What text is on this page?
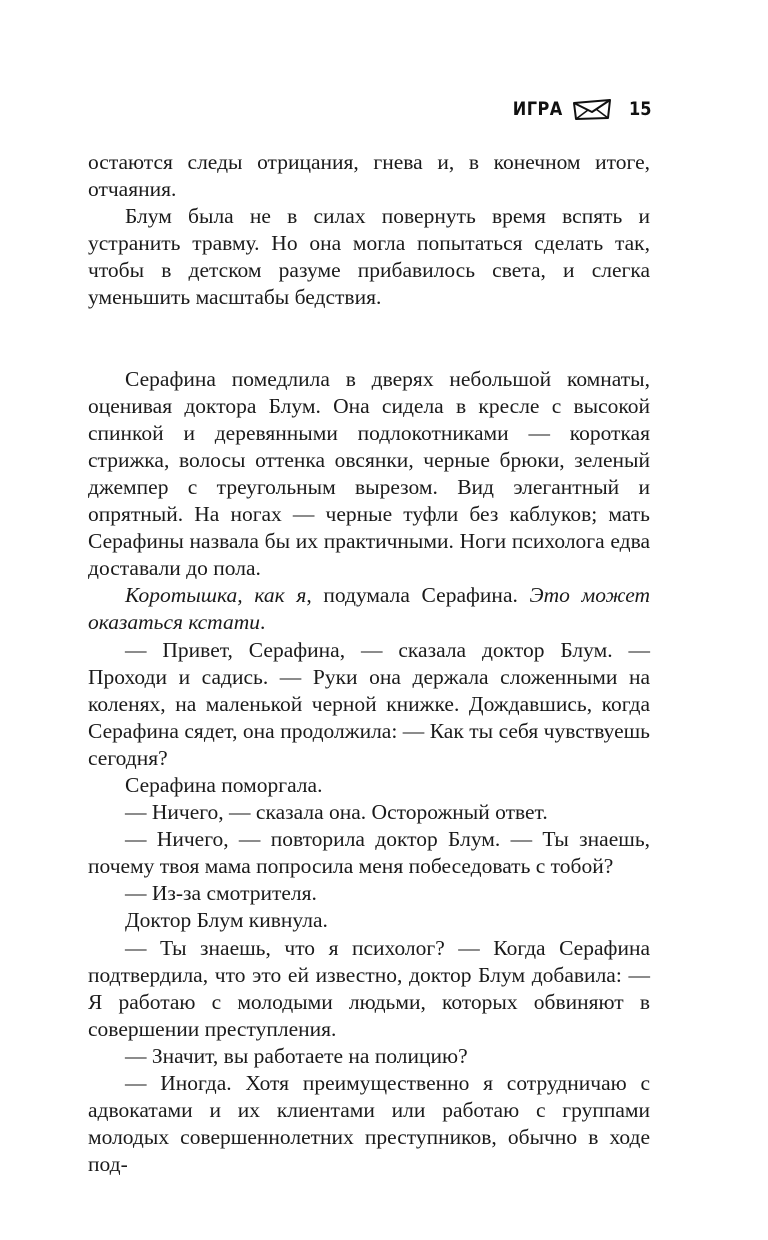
ИГРА	15

остаются следы отрицания, гнева и, в конечном итоге, отчаяния.

Блум была не в силах повернуть время вспять и устранить травму. Но она могла попытаться сделать так, чтобы в детском разуме прибавилось света, и слегка уменьшить масштабы бедствия.

Серафина помедлила в дверях небольшой комнаты, оценивая доктора Блум. Она сидела в кресле с высокой спинкой и деревянными подлокотниками — короткая стрижка, волосы оттенка овсянки, черные брюки, зеленый джемпер с треугольным вырезом. Вид элегантный и опрятный. На ногах — черные туфли без каблуков; мать Серафины назвала бы их практичными. Ноги психолога едва доставали до пола.

Коротышка, как я, подумала Серафина. Это может оказаться кстати.

— Привет, Серафина, — сказала доктор Блум. — Проходи и садись. — Руки она держала сложенными на коленях, на маленькой черной книжке. Дождавшись, когда Серафина сядет, она продолжила: — Как ты себя чувствуешь сегодня?

Серафина поморгала.

— Ничего, — сказала она. Осторожный ответ.

— Ничего, — повторила доктор Блум. — Ты знаешь, почему твоя мама попросила меня побеседовать с тобой?

— Из-за смотрителя.

Доктор Блум кивнула.

— Ты знаешь, что я психолог? — Когда Серафина подтвердила, что это ей известно, доктор Блум добавила: — Я работаю с молодыми людьми, которых обвиняют в совершении преступления.

— Значит, вы работаете на полицию?

— Иногда. Хотя преимущественно я сотрудничаю с адвокатами и их клиентами или работаю с группами молодых совершеннолетних преступников, обычно в ходе под-
